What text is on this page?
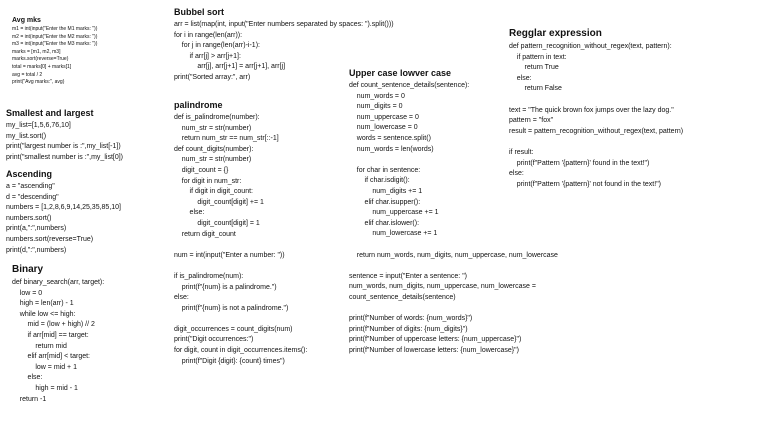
Avg mks
m1 = int(input("Enter the M1 marks: "))
m2 = int(input("Enter the M2 marks: "))
m3 = int(input("Enter the M3 marks: "))
marks = [m1, m2, m3]
marks.sort(reverse=True)
total = marks[0] + marks[1]
avg = total / 2
print("Avg marks:", avg)
Smallest and largest
my_list=[1,5,6,76,10]
my_list.sort()
print("largest number is :",my_list[-1])
print("smallest number is :",my_list[0])
Ascending
a = "ascending"
d = "descending"
numbers = [1,2,8,6,9,14,25,35,85,10]
numbers.sort()
print(a,":",numbers)
numbers.sort(reverse=True)
print(d,":",numbers)
Binary
def binary_search(arr, target):
low = 0
high = len(arr) - 1
while low <= high:
mid = (low + high) // 2
if arr[mid] == target:
return mid
elif arr[mid] < target:
low = mid + 1
else:
high = mid - 1
return -1
Bubbel sort
arr = list(map(int, input("Enter numbers separated by spaces: ").split()))
for i in range(len(arr)):
for j in range(len(arr)-i-1):
if arr[j] > arr[j+1]:
arr[j], arr[j+1] = arr[j+1], arr[j]
print("Sorted array:", arr)
palindrome
def is_palindrome(number):
num_str = str(number)
return num_str == num_str[::-1]
def count_digits(number):
num_str = str(number)
digit_count = {}
for digit in num_str:
if digit in digit_count:
digit_count[digit] += 1
else:
digit_count[digit] = 1
return digit_count

num = int(input("Enter a number: "))

if is_palindrome(num):
print(f"{num} is a palindrome.")
else:
print(f"{num} is not a palindrome.")

digit_occurrences = count_digits(num)
print("Digit occurrences:")
for digit, count in digit_occurrences.items():
print(f"Digit {digit}: {count} times")
Upper case lowver case
def count_sentence_details(sentence):
num_words = 0
num_digits = 0
num_uppercase = 0
num_lowercase = 0
words = sentence.split()
num_words = len(words)

for char in sentence:
if char.isdigit():
num_digits += 1
elif char.isupper():
num_uppercase += 1
elif char.islower():
num_lowercase += 1

return num_words, num_digits, num_uppercase, num_lowercase

sentence = input("Enter a sentence: ")
num_words, num_digits, num_uppercase, num_lowercase =
count_sentence_details(sentence)

print(f"Number of words: {num_words}")
print(f"Number of digits: {num_digits}")
print(f"Number of uppercase letters: {num_uppercase}")
print(f"Number of lowercase letters: {num_lowercase}")
Regglar expression
def pattern_recognition_without_regex(text, pattern):
if pattern in text:
return True
else:
return False

text = "The quick brown fox jumps over the lazy dog."
pattern = "fox"
result = pattern_recognition_without_regex(text, pattern)

if result:
print(f"Pattern '{pattern}' found in the text!")
else:
print(f"Pattern '{pattern}' not found in the text!")
